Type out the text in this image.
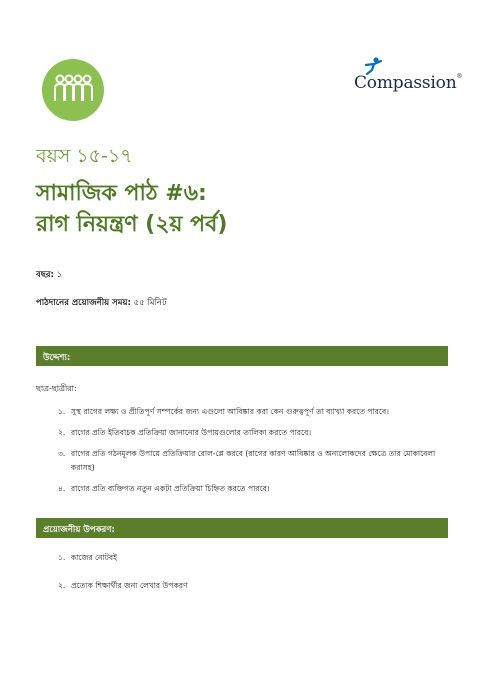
Compassion®
বয়স ১৫-১৭
সামাজিক পাঠ #৬:
রাগ নিয়ন্ত্রণ (২য় পর্ব)
বছর: ১
পাঠদানের প্রয়োজনীয় সময়: ৫৫ মিনিট
উদ্দেশ্য:
ছাত্র-ছাত্রীরা:
১. সুস্থ রাগের লক্ষ্য ও প্রীতিপূর্ণ সম্পর্কের জন্য এগুলো আবিষ্কার করা কেন গুরুত্বপূর্ণ তা ব্যাখ্যা করতে পারবে।
২. রাগের প্রতি ইতিবাচক প্রতিক্রিয়া জানানোর উপায়গুলোর তালিকা করতে পারবে।
৩. রাগের প্রতি গঠনমূলক উপায়ে প্রতিক্রিয়ার রোল-প্লে করবে (রাগের কারণ আবিষ্কার ও অন্যলোকদের ক্ষেত্রে তার মোকাবেলা করাসহ)
৪. রাগের প্রতি ব্যক্তিগত নতুন একটা প্রতিক্রিয়া চিহ্নিত করতে পারবে।
প্রয়োজনীয় উপকরণ:
১. কাজের নোটবই
২. প্রত্যেক শিক্ষার্থীর জন্য লেখার উপকরণ
